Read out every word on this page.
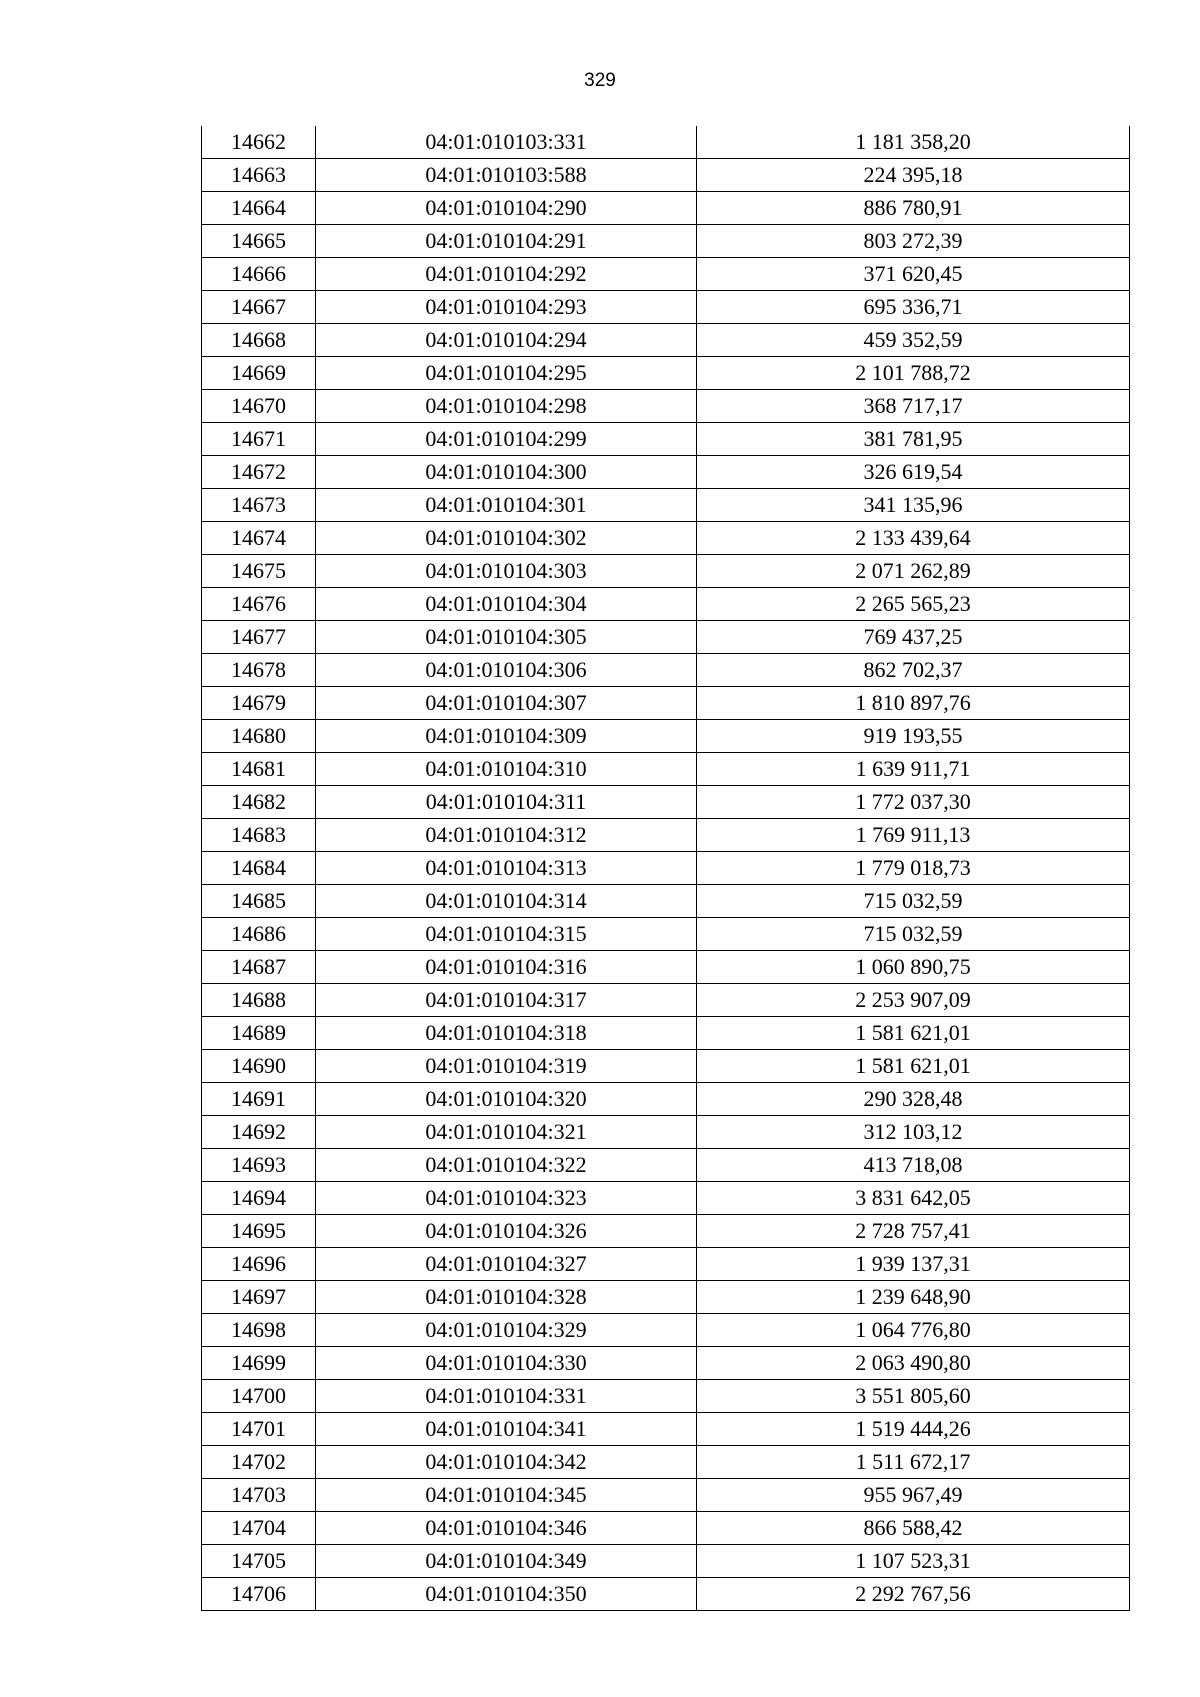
329
14662	04:01:010103:331	1 181 358,20
14663	04:01:010103:588	224 395,18
14664	04:01:010104:290	886 780,91
14665	04:01:010104:291	803 272,39
14666	04:01:010104:292	371 620,45
14667	04:01:010104:293	695 336,71
14668	04:01:010104:294	459 352,59
14669	04:01:010104:295	2 101 788,72
14670	04:01:010104:298	368 717,17
14671	04:01:010104:299	381 781,95
14672	04:01:010104:300	326 619,54
14673	04:01:010104:301	341 135,96
14674	04:01:010104:302	2 133 439,64
14675	04:01:010104:303	2 071 262,89
14676	04:01:010104:304	2 265 565,23
14677	04:01:010104:305	769 437,25
14678	04:01:010104:306	862 702,37
14679	04:01:010104:307	1 810 897,76
14680	04:01:010104:309	919 193,55
14681	04:01:010104:310	1 639 911,71
14682	04:01:010104:311	1 772 037,30
14683	04:01:010104:312	1 769 911,13
14684	04:01:010104:313	1 779 018,73
14685	04:01:010104:314	715 032,59
14686	04:01:010104:315	715 032,59
14687	04:01:010104:316	1 060 890,75
14688	04:01:010104:317	2 253 907,09
14689	04:01:010104:318	1 581 621,01
14690	04:01:010104:319	1 581 621,01
14691	04:01:010104:320	290 328,48
14692	04:01:010104:321	312 103,12
14693	04:01:010104:322	413 718,08
14694	04:01:010104:323	3 831 642,05
14695	04:01:010104:326	2 728 757,41
14696	04:01:010104:327	1 939 137,31
14697	04:01:010104:328	1 239 648,90
14698	04:01:010104:329	1 064 776,80
14699	04:01:010104:330	2 063 490,80
14700	04:01:010104:331	3 551 805,60
14701	04:01:010104:341	1 519 444,26
14702	04:01:010104:342	1 511 672,17
14703	04:01:010104:345	955 967,49
14704	04:01:010104:346	866 588,42
14705	04:01:010104:349	1 107 523,31
14706	04:01:010104:350	2 292 767,56
